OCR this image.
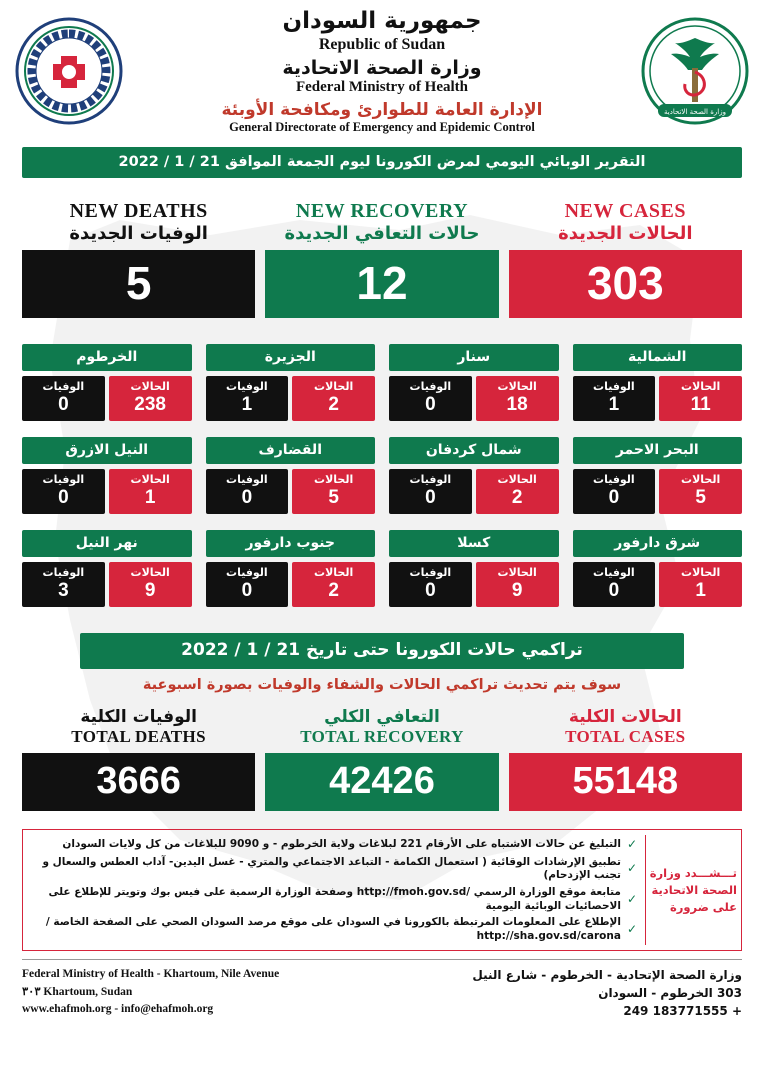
جمهورية السودان
Republic of Sudan
وزارة الصحة الاتحادية
Federal Ministry of Health
الإدارة العامة للطوارئ ومكافحة الأوبئة
General Directorate of Emergency and Epidemic Control
وزارة الصحة الاتحادية
التقرير الوبائي اليومي لمرض الكورونا ليوم الجمعة الموافق 21 / 1 / 2022
NEW DEATHS
الوفيات الجديدة
5
NEW RECOVERY
حالات التعافي الجديدة
12
NEW CASES
الحالات الجديدة
303
الخرطوم
الحالات
238
الوفيات
0
الجزيرة
الحالات
2
الوفيات
1
سنار
الحالات
18
الوفيات
0
الشمالية
الحالات
11
الوفيات
1
النيل الازرق
الحالات
1
الوفيات
0
القضارف
الحالات
5
الوفيات
0
شمال كردفان
الحالات
2
الوفيات
0
البحر الاحمر
الحالات
5
الوفيات
0
نهر النيل
الحالات
9
الوفيات
3
جنوب دارفور
الحالات
2
الوفيات
0
كسلا
الحالات
9
الوفيات
0
شرق دارفور
الحالات
1
الوفيات
0
تراكمي حالات الكورونا حتى تاريخ 21 / 1 / 2022
سوف يتم تحديث تراكمي الحالات والشفاء والوفيات بصورة اسبوعية
الوفيات الكلية
TOTAL DEATHS
3666
التعافي الكلي
TOTAL RECOVERY
42426
الحالات الكلية
TOTAL CASES
55148
تـــشـــدد وزارة الصحة الاتحادية على ضرورة
✓
التبليغ عن حالات الاشتباه على الأرقام 221 لبلاغات ولاية الخرطوم - و 9090 للبلاغات من كل ولايات السودان
✓
تطبيق الإرشادات الوقائية ( استعمال الكمامة - التباعد الاجتماعي والمتري - غسل اليدين- آداب العطس والسعال و تجنب الإزدحام)
✓
متابعة موقع الوزارة الرسمي /http://fmoh.gov.sd وصفحة الوزارة الرسمية على فيس بوك وتويتر للإطلاع على الاحصائيات الوبائية اليومية
✓
الإطلاع على المعلومات المرتبطة بالكورونا في السودان على موقع مرصد السودان الصحي على الصفحة الخاصة / http://sha.gov.sd/carona
Federal Ministry of Health - Khartoum, Nile Avenue
٣٠٣ Khartoum, Sudan
www.ehafmoh.org - info@ehafmoh.org
وزارة الصحة الإتحادية - الخرطوم - شارع النيل
303 الخرطوم - السودان
+ 183771555 249
